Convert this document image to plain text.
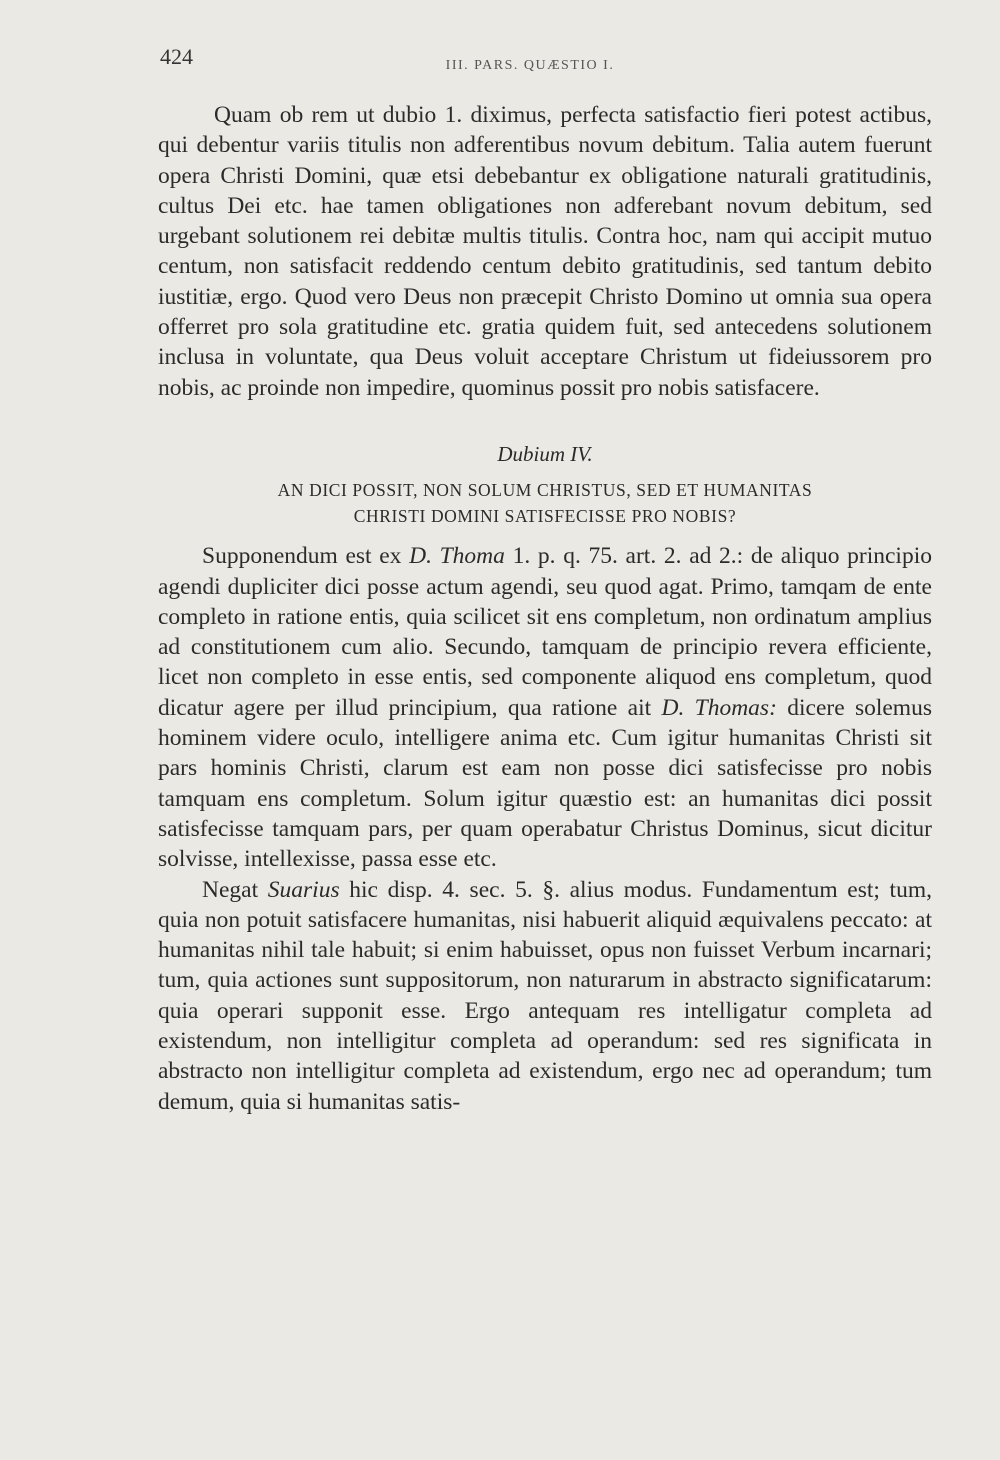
424	III. PARS. QUÆSTIO I.

Quam ob rem ut dubio 1. diximus, perfecta satisfactio fieri potest actibus, qui debentur variis titulis non adferentibus novum debitum. Talia autem fuerunt opera Christi Domini, quæ etsi debebantur ex obligatione naturali gratitudinis, cultus Dei etc. hae tamen obligationes non adferebant novum debitum, sed urgebant solutionem rei debitæ multis titulis. Contra hoc, nam qui accipit mutuo centum, non satisfacit reddendo centum debito gratitudinis, sed tantum debito iustitiæ, ergo. Quod vero Deus non præcepit Christo Domino ut omnia sua opera offerret pro sola gratitudine etc. gratia quidem fuit, sed antecedens solutionem inclusa in voluntate, qua Deus voluit acceptare Christum ut fideiussorem pro nobis, ac proinde non impedire, quominus possit pro nobis satisfacere.

Dubium IV.
AN DICI POSSIT, NON SOLUM CHRISTUS, SED ET HUMANITAS
CHRISTI DOMINI SATISFECISSE PRO NOBIS?

Supponendum est ex D. Thoma 1. p. q. 75. art. 2. ad 2.: de aliquo principio agendi dupliciter dici posse actum agendi, seu quod agat. Primo, tamqam de ente completo in ratione entis, quia scilicet sit ens completum, non ordinatum amplius ad constitutionem cum alio. Secundo, tamquam de principio revera efficiente, licet non completo in esse entis, sed componente aliquod ens completum, quod dicatur agere per illud principium, qua ratione ait D. Thomas: dicere solemus hominem videre oculo, intelligere anima etc. Cum igitur humanitas Christi sit pars hominis Christi, clarum est eam non posse dici satisfecisse pro nobis tamquam ens completum. Solum igitur quæstio est: an humanitas dici possit satisfecisse tamquam pars, per quam operabatur Christus Dominus, sicut dicitur solvisse, intellexisse, passa esse etc.

Negat Suarius hic disp. 4. sec. 5. §. alius modus. Fundamentum est; tum, quia non potuit satisfacere humanitas, nisi habuerit aliquid æquivalens peccato: at humanitas nihil tale habuit; si enim habuisset, opus non fuisset Verbum incarnari; tum, quia actiones sunt suppositorum, non naturarum in abstracto significatarum: quia operari supponit esse. Ergo antequam res intelligatur completa ad existendum, non intelligitur completa ad operandum: sed res significata in abstracto non intelligitur completa ad existendum, ergo nec ad operandum; tum demum, quia si humanitas satis-
